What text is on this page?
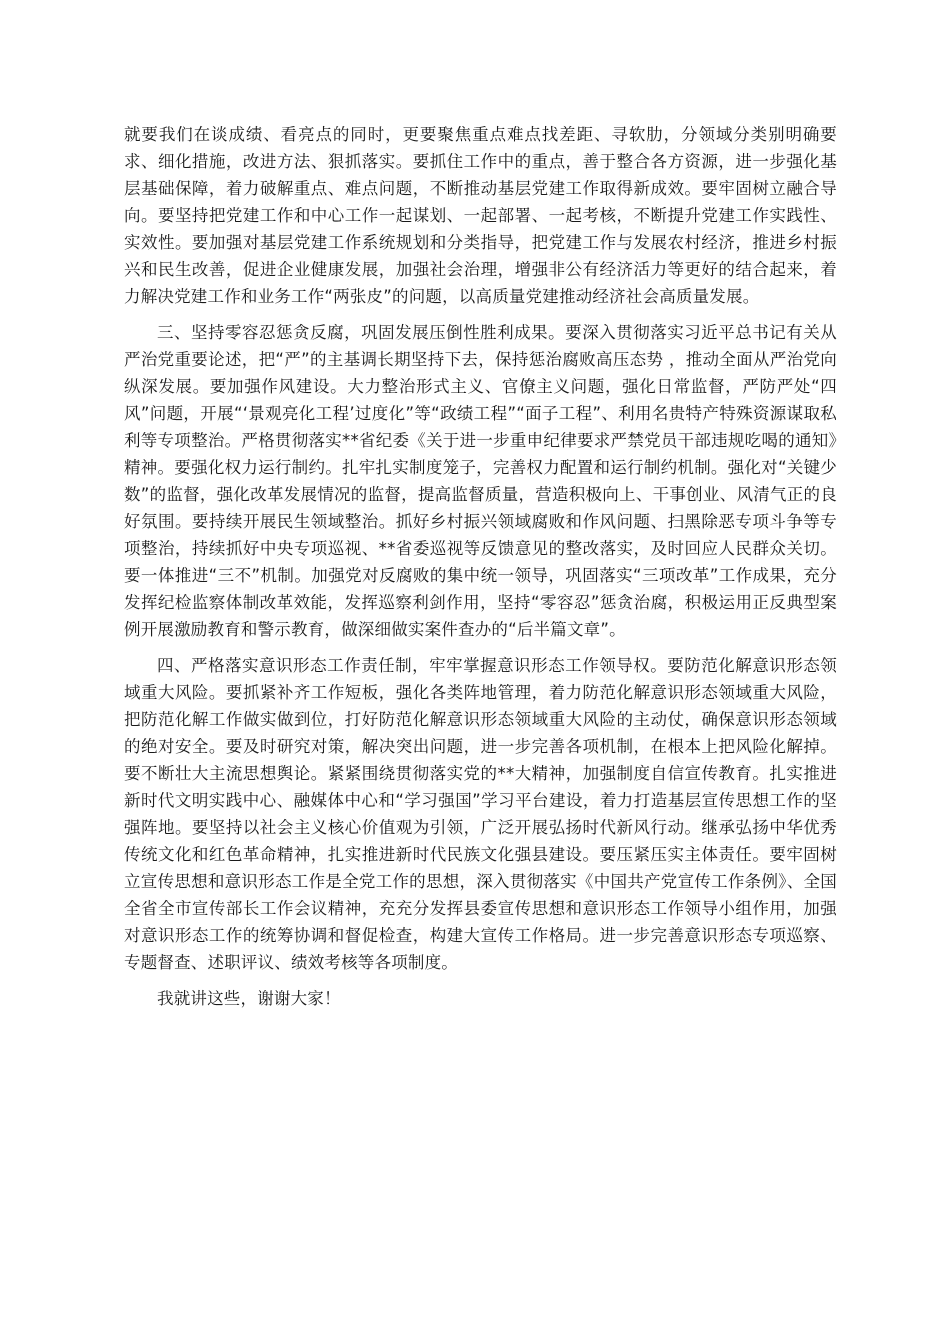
就要我们在谈成绩、看亮点的同时，更要聚焦重点难点找差距、寻软肋，分领域分类别明确要求、细化措施，改进方法、狠抓落实。要抓住工作中的重点，善于整合各方资源，进一步强化基层基础保障，着力破解重点、难点问题，不断推动基层党建工作取得新成效。要牢固树立融合导向。要坚持把党建工作和中心工作一起谋划、一起部署、一起考核，不断提升党建工作实践性、实效性。要加强对基层党建工作系统规划和分类指导，把党建工作与发展农村经济，推进乡村振兴和民生改善，促进企业健康发展，加强社会治理，增强非公有经济活力等更好的结合起来，着力解决党建工作和业务工作“两张皮”的问题，以高质量党建推动经济社会高质量发展。

三、坚持零容忍惩贪反腐，巩固发展压倒性胜利成果。要深入贯彻落实习近平总书记有关从严治党重要论述，把“严”的主基调长期坚持下去，保持惩治腐败高压态势 ，推动全面从严治党向纵深发展。要加强作风建设。大力整治形式主义、官僚主义问题，强化日常监督，严防严处“四风”问题，开展“‘景观亮化工程’过度化”等“政绩工程”“面子工程”、利用名贵特产特殊资源谋取私利等专项整治。严格贯彻落实**省纪委《关于进一步重申纪律要求严禁党员干部违规吃喝的通知》精神。要强化权力运行制约。扎牢扎实制度笼子，完善权力配置和运行制约机制。强化对“关键少数”的监督，强化改革发展情况的监督，提高监督质量，营造积极向上、干事创业、风清气正的良好氛围。要持续开展民生领域整治。抓好乡村振兴领域腐败和作风问题、扫黑除恶专项斗争等专项整治，持续抓好中央专项巡视、**省委巡视等反馈意见的整改落实，及时回应人民群众关切。要一体推进“三不”机制。加强党对反腐败的集中统一领导，巩固落实“三项改革”工作成果，充分发挥纪检监察体制改革效能，发挥巡察利剑作用，坚持“零容忍”惩贪治腐，积极运用正反典型案例开展激励教育和警示教育，做深细做实案件查办的“后半篇文章”。

四、严格落实意识形态工作责任制，牢牢掌握意识形态工作领导权。要防范化解意识形态领域重大风险。要抓紧补齐工作短板，强化各类阵地管理，着力防范化解意识形态领域重大风险，把防范化解工作做实做到位，打好防范化解意识形态领域重大风险的主动仗，确保意识形态领域的绝对安全。要及时研究对策，解决突出问题，进一步完善各项机制，在根本上把风险化解掉。要不断壮大主流思想舆论。紧紧围绕贯彻落实党的**大精神，加强制度自信宣传教育。扎实推进新时代文明实践中心、融媒体中心和“学习强国”学习平台建设，着力打造基层宣传思想工作的坚强阵地。要坚持以社会主义核心价值观为引领，广泛开展弘扬时代新风行动。继承弘扬中华优秀传统文化和红色革命精神，扎实推进新时代民族文化强县建设。要压紧压实主体责任。要牢固树立宣传思想和意识形态工作是全党工作的思想，深入贯彻落实《中国共产党宣传工作条例》、全国全省全市宣传部长工作会议精神，充充分发挥县委宣传思想和意识形态工作领导小组作用，加强对意识形态工作的统筹协调和督促检查，构建大宣传工作格局。进一步完善意识形态专项巡察、专题督查、述职评议、绩效考核等各项制度。

我就讲这些，谢谢大家！
